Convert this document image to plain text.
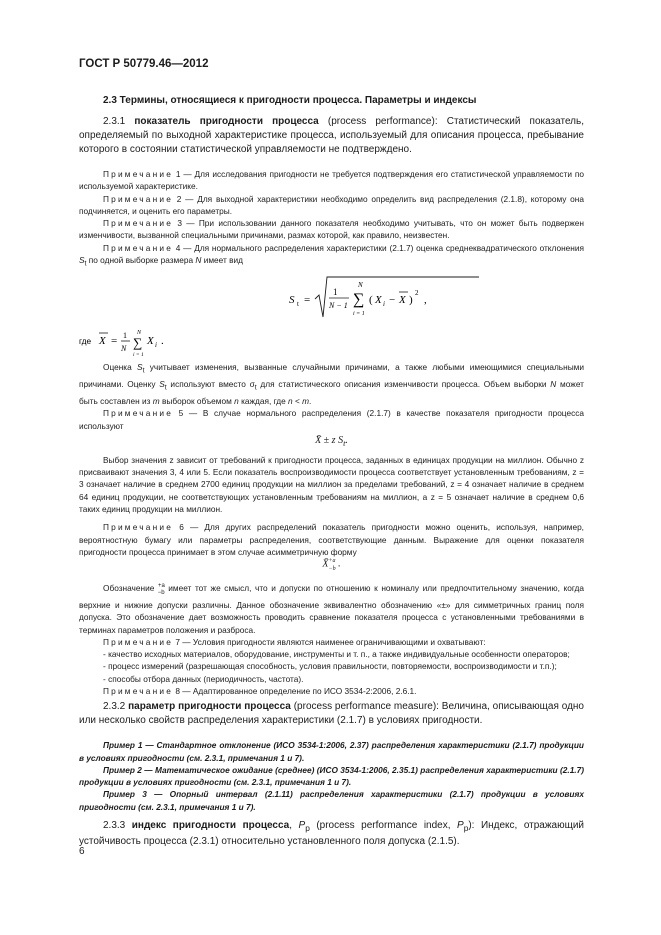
ГОСТ Р 50779.46—2012

2.3 Термины, относящиеся к пригодности процесса. Параметры и индексы

2.3.1 показатель пригодности процесса (process performance): Статистический показатель, определяемый по выходной характеристике процесса, используемый для описания процесса, пребывание которого в состоянии статистической управляемости не подтверждено.

Примечание 1 — Для исследования пригодности не требуется подтверждения его статистической управляемости по используемой характеристике.

Примечание 2 — Для выходной характеристики необходимо определить вид распределения (2.1.8), которому она подчиняется, и оценить его параметры.

Примечание 3 — При использовании данного показателя необходимо учитывать, что он может быть подвержен изменчивости, вызванной специальными причинами, размах которой, как правило, неизвестен.

Примечание 4 — Для нормального распределения характеристики (2.1.7) оценка среднеквадратического отклонения $S_t$ по одной выборке размера N имеет вид

S t =
1
N − 1
N
∑
i = 1
( X i − X )
2
,
где X = 1
N
N
∑
i = 1
X i .

Оценка $S_t$ учитывает изменения, вызванные случайными причинами, а также любыми имеющимися специальными причинами. Оценку $S_t$ используют вместо $\sigma_t$ для статистического описания изменчивости процесса. Объем выборки N может быть составлен из m выборок объемом n каждая, где n < m.

Примечание 5 — В случае нормального распределения (2.1.7) в качестве показателя пригодности процесса используют

X̄ ± z $S_t$.

Выбор значения z зависит от требований к пригодности процесса, заданных в единицах продукции на миллион. Обычно z присваивают значения 3, 4 или 5. Если показатель воспроизводимости процесса соответствует установленным требованиям, z = 3 означает наличие в среднем 2700 единиц продукции на миллион за пределами требований, z = 4 означает наличие в среднем 64 единиц продукции, не соответствующих установленным требованиям на миллион, а z = 5 означает наличие в среднем 0,6 таких единиц продукции на миллион.

Примечание 6 — Для других распределений показатель пригодности можно оценить, используя, например, вероятностную бумагу или параметры распределения, соответствующие данным. Выражение для оценки показателя пригодности процесса принимает в этом случае асимметричную форму

X̄$^{+a}_{-b}$ .

Обозначение $^{+a}_{-b}$ имеет тот же смысл, что и допуски по отношению к номиналу или предпочтительному значению, когда верхние и нижние допуски различны. Данное обозначение эквивалентно обозначению «±» для симметричных границ поля допуска. Это обозначение дает возможность проводить сравнение показателя процесса с установленными требованиями в терминах параметров положения и разброса.

Примечание 7 — Условия пригодности являются наименее ограничивающими и охватывают:

- качество исходных материалов, оборудование, инструменты и т. п., а также индивидуальные особенности операторов;

- процесс измерений (разрешающая способность, условия правильности, повторяемости, воспроизводимости и т.п.);

- способы отбора данных (периодичность, частота).

Примечание 8 — Адаптированное определение по ИСО 3534-2:2006, 2.6.1.

2.3.2 параметр пригодности процесса (process performance measure): Величина, описывающая одно или несколько свойств распределения характеристики (2.1.7) в условиях пригодности.

Пример 1 — Стандартное отклонение (ИСО 3534-1:2006, 2.37) распределения характеристики (2.1.7) продукции в условиях пригодности (см. 2.3.1, примечания 1 и 7).

Пример 2 — Математическое ожидание (среднее) (ИСО 3534-1:2006, 2.35.1) распределения характеристики (2.1.7) продукции в условиях пригодности (см. 2.3.1, примечания 1 и 7).

Пример 3 — Опорный интервал (2.1.11) распределения характеристики (2.1.7) продукции в условиях пригодности (см. 2.3.1, примечания 1 и 7).

2.3.3 индекс пригодности процесса, $P_p$ (process performance index, $P_p$): Индекс, отражающий устойчивость процесса (2.3.1) относительно установленного поля допуска (2.1.5).

6
